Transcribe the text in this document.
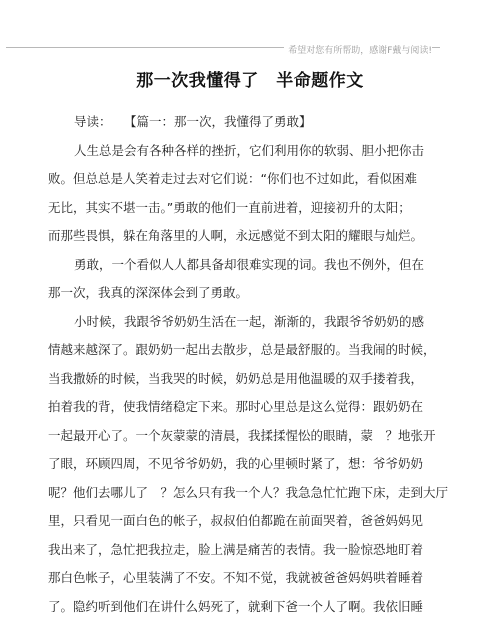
希望对您有所帮助，感谢F戴与阅读!
那一次我懂得了　半命题作文
导读：　　【篇一：那一次，我懂得了勇敢】
人生总是会有各种各样的挫折，它们利用你的软弱、胆小把你击
败。但总总是人笑着走过去对它们说：“你们也不过如此，看似困难
无比，其实不堪一击。”勇敢的他们一直前进着，迎接初升的太阳；
而那些畏惧，躲在角落里的人啊，永远感觉不到太阳的耀眼与灿烂。
勇敢，一个看似人人都具备却很难实现的词。我也不例外，但在
那一次，我真的深深体会到了勇敢。
小时候，我跟爷爷奶奶生活在一起，渐渐的，我跟爷爷奶奶的感
情越来越深了。跟奶奶一起出去散步，总是最舒服的。当我闹的时候，
当我撒娇的时候，当我哭的时候，奶奶总是用他温暖的双手搂着我，
拍着我的背，使我情绪稳定下来。那时心里总是这么觉得：跟奶奶在
一起最开心了。一个灰蒙蒙的清晨，我揉揉惺忪的眼睛，蒙　？地张开
了眼，环顾四周，不见爷爷奶奶，我的心里顿时紧了，想：爷爷奶奶
呢？他们去哪儿了　？怎么只有我一个人？我急急忙忙跑下床，走到大厅
里，只看见一面白色的帐子，叔叔伯伯都跪在前面哭着，爸爸妈妈见
我出来了，急忙把我拉走，脸上满是痛苦的表情。我一脸惊恐地盯着
那白色帐子，心里装满了不安。不知不觉，我就被爸爸妈妈哄着睡着
了。隐约听到他们在讲什么妈死了，就剩下爸一个人了啊。我依旧睡
